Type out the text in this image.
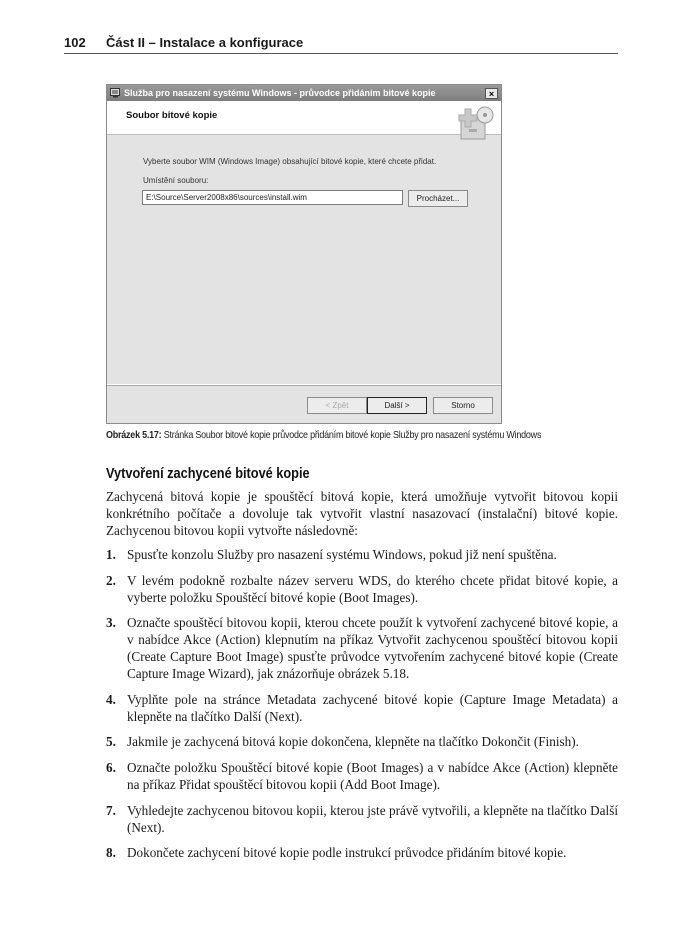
102	Část II – Instalace a konfigurace
Služba pro nasazení systému Windows - průvodce přidáním bitové kopie	×
Soubor bitové kopie
Vyberte soubor WIM (Windows Image) obsahující bitové kopie, které chcete přidat.
Umístění souboru:
E:\Source\Server2008x86\sources\install.wim	Procházet...
< Zpět	Další >	Storno
Obrázek 5.17: Stránka Soubor bitové kopie průvodce přidáním bitové kopie Služby pro nasazení systému Windows
Vytvoření zachycené bitové kopie
Zachycená bitová kopie je spouštěcí bitová kopie, která umožňuje vytvořit bitovou kopii konkrétního počítače a dovoluje tak vytvořit vlastní nasazovací (instalační) bitové kopie. Zachycenou bitovou kopii vytvořte následovně:
1. Spusťte konzolu Služby pro nasazení systému Windows, pokud již není spuštěna.
2. V levém podokně rozbalte název serveru WDS, do kterého chcete přidat bitové kopie, a vyberte položku Spouštěcí bitové kopie (Boot Images).
3. Označte spouštěcí bitovou kopii, kterou chcete použít k vytvoření zachycené bitové kopie, a v nabídce Akce (Action) klepnutím na příkaz Vytvořit zachycenou spouštěcí bitovou kopii (Create Capture Boot Image) spusťte průvodce vytvořením zachycené bitové kopie (Create Capture Image Wizard), jak znázorňuje obrázek 5.18.
4. Vyplňte pole na stránce Metadata zachycené bitové kopie (Capture Image Metadata) a klepněte na tlačítko Další (Next).
5. Jakmile je zachycená bitová kopie dokončena, klepněte na tlačítko Dokončit (Finish).
6. Označte položku Spouštěcí bitové kopie (Boot Images) a v nabídce Akce (Action) klepněte na příkaz Přidat spouštěcí bitovou kopii (Add Boot Image).
7. Vyhledejte zachycenou bitovou kopii, kterou jste právě vytvořili, a klepněte na tlačítko Další (Next).
8. Dokončete zachycení bitové kopie podle instrukcí průvodce přidáním bitové kopie.
